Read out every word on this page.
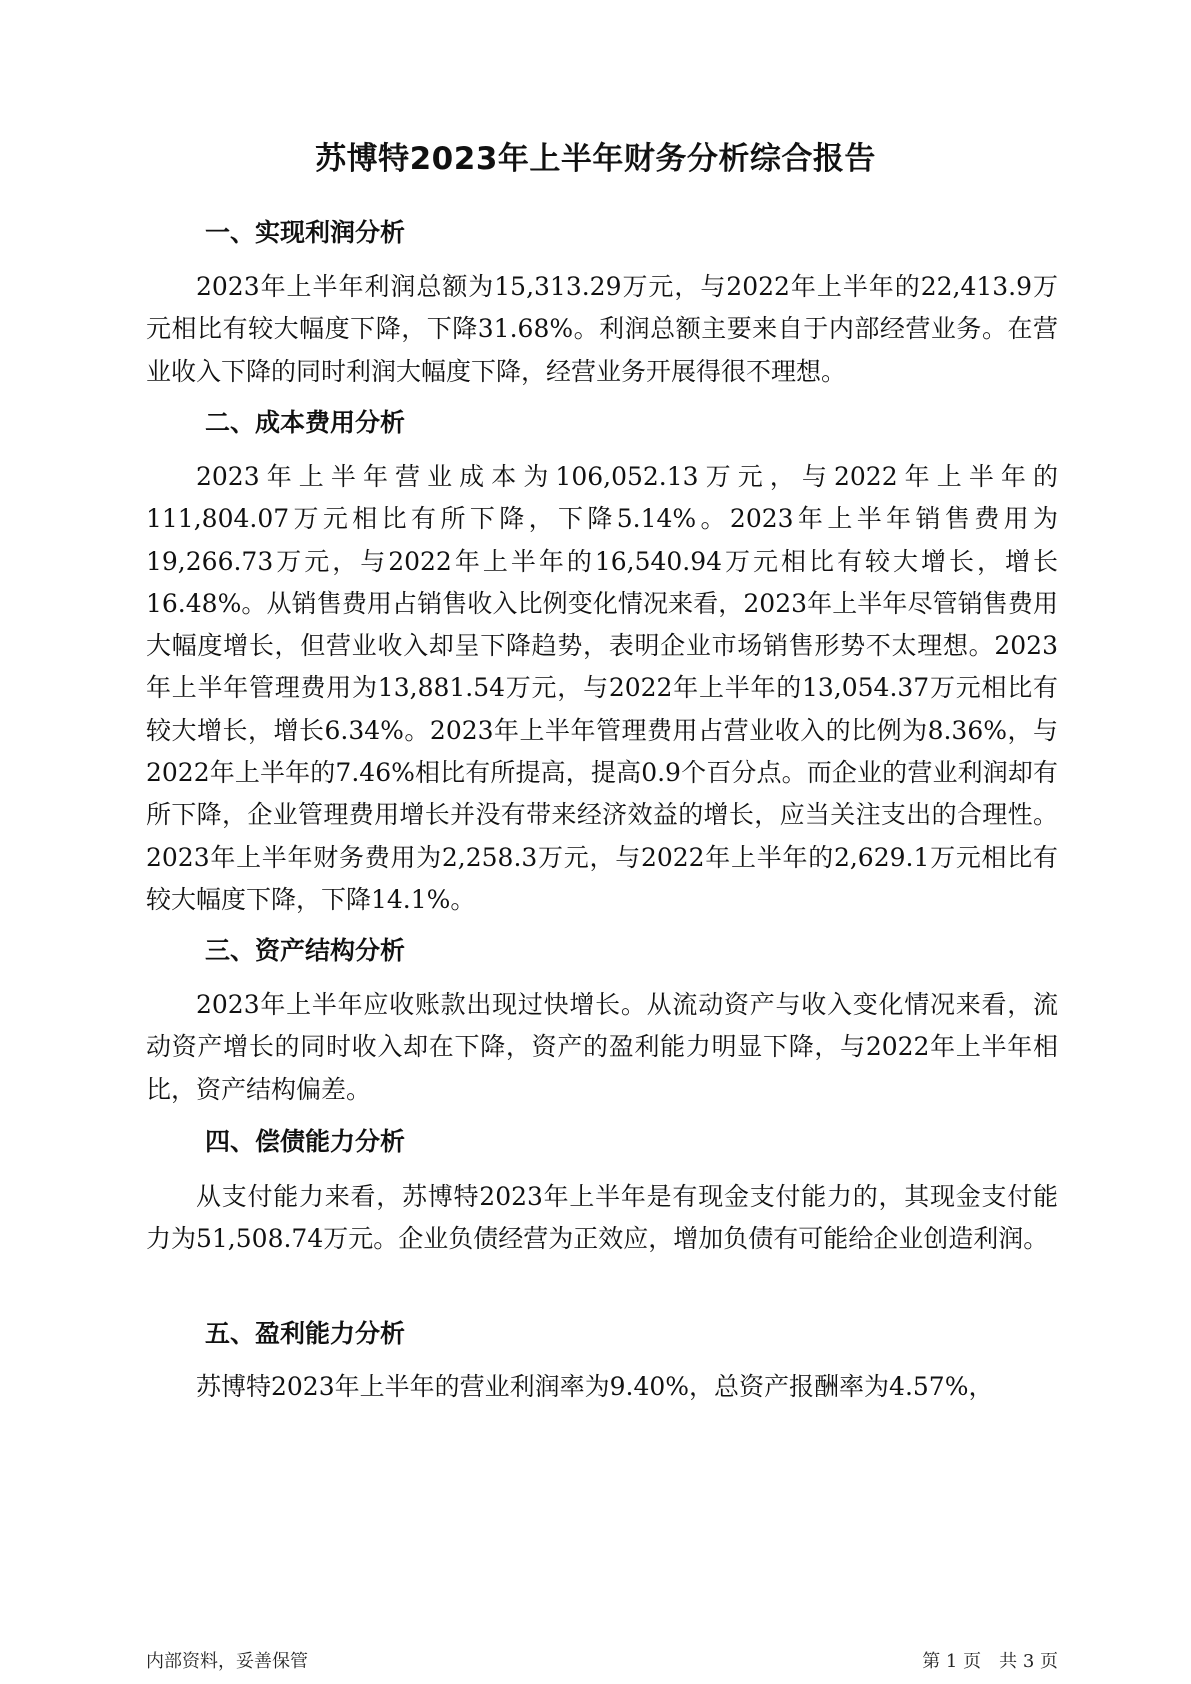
苏博特2023年上半年财务分析综合报告
一、实现利润分析

2023年上半年利润总额为15,313.29万元，与2022年上半年的22,413.9万元相比有较大幅度下降，下降31.68%。利润总额主要来自于内部经营业务。在营业收入下降的同时利润大幅度下降，经营业务开展得很不理想。

二、成本费用分析

2023年上半年营业成本为106,052.13万元，与2022年上半年的111,804.07万元相比有所下降，下降5.14%。2023年上半年销售费用为19,266.73万元，与2022年上半年的16,540.94万元相比有较大增长，增长16.48%。从销售费用占销售收入比例变化情况来看，2023年上半年尽管销售费用大幅度增长，但营业收入却呈下降趋势，表明企业市场销售形势不太理想。2023年上半年管理费用为13,881.54万元，与2022年上半年的13,054.37万元相比有较大增长，增长6.34%。2023年上半年管理费用占营业收入的比例为8.36%，与2022年上半年的7.46%相比有所提高，提高0.9个百分点。而企业的营业利润却有所下降，企业管理费用增长并没有带来经济效益的增长，应当关注支出的合理性。2023年上半年财务费用为2,258.3万元，与2022年上半年的2,629.1万元相比有较大幅度下降，下降14.1%。

三、资产结构分析

2023年上半年应收账款出现过快增长。从流动资产与收入变化情况来看，流动资产增长的同时收入却在下降，资产的盈利能力明显下降，与2022年上半年相比，资产结构偏差。

四、偿债能力分析

从支付能力来看，苏博特2023年上半年是有现金支付能力的，其现金支付能力为51,508.74万元。企业负债经营为正效应，增加负债有可能给企业创造利润。

五、盈利能力分析

苏博特2023年上半年的营业利润率为9.40%，总资产报酬率为4.57%，

内部资料，妥善保管	第 1 页　共 3 页
